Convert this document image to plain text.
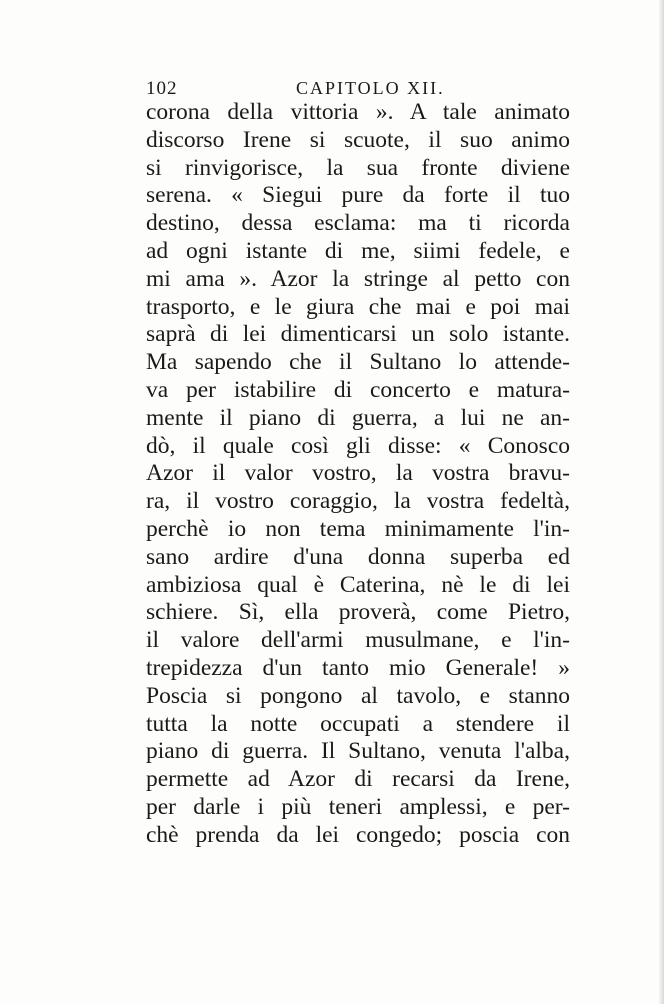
102	CAPITOLO XII.
corona della vittoria ». A tale animato
discorso Irene si scuote, il suo animo
si rinvigorisce, la sua fronte diviene
serena. « Siegui pure da forte il tuo
destino, dessa esclama: ma ti ricorda
ad ogni istante di me, siimi fedele, e
mi ama ». Azor la stringe al petto con
trasporto, e le giura che mai e poi mai
saprà di lei dimenticarsi un solo istante.
Ma sapendo che il Sultano lo attende-
va per istabilire di concerto e matura-
mente il piano di guerra, a lui ne an-
dò, il quale così gli disse: « Conosco
Azor il valor vostro, la vostra bravu-
ra, il vostro coraggio, la vostra fedeltà,
perchè io non tema minimamente l'in-
sano ardire d'una donna superba ed
ambiziosa qual è Caterina, nè le di lei
schiere. Sì, ella proverà, come Pietro,
il valore dell'armi musulmane, e l'in-
trepidezza d'un tanto mio Generale! »
Poscia si pongono al tavolo, e stanno
tutta la notte occupati a stendere il
piano di guerra. Il Sultano, venuta l'alba,
permette ad Azor di recarsi da Irene,
per darle i più teneri amplessi, e per-
chè prenda da lei congedo; poscia con
